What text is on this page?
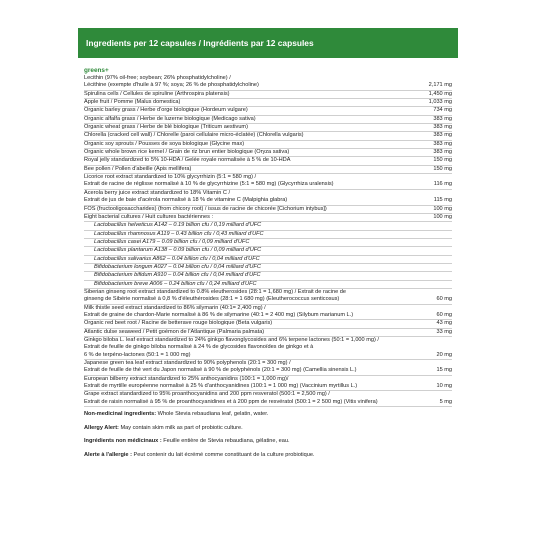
Ingredients per 12 capsules / Ingrédients par 12 capsules
greens+
Lecithin (97% oil-free; soybean; 26% phosphatidylcholine) /
Lécithine (exempte d'huile à 97 %; soya; 26 % de phosphatidylcholine)	2,171 mg
Spirulina cells / Cellules de spiruline (Arthrospira platensis)	1,450 mg
Apple fruit / Pomme (Malus domestica)	1,033 mg
Organic barley grass / Herbe d'orge biologique (Hordeum vulgare)	734 mg
Organic alfalfa grass / Herbe de luzerne biologique (Medicago sativa)	383 mg
Organic wheat grass / Herbe de blé biologique (Triticum aestivum)	383 mg
Chlorella (cracked cell wall) / Chlorelle (paroi cellulaire micro-éclatée) (Chlorella vulgaris)	383 mg
Organic soy sprouts / Pousses de soya biologique (Glycine max)	383 mg
Organic whole brown rice kernel / Grain de riz brun entier biologique (Oryza sativa)	383 mg
Royal jelly standardized to 5% 10-HDA / Gelée royale normalisée à 5 % de 10-HDA	150 mg
Bee pollen / Pollen d'abeille (Apis mellifera)	150 mg
Licorice root extract standardized to 10% glycyrrhizin (5:1 = 580 mg) /
Extrait de racine de réglisse normalisé à 10 % de glycyrrhizine (5:1 = 580 mg) (Glycyrrhiza uralensis)	116 mg
Acerola berry juice extract standardized to 18% Vitamin C /
Extrait de jus de baie d'acérola normalisé à 18 % de vitamine C (Malpighia glabra)	115 mg
FOS (fructooligosaccharides) (from chicory root) / issus de racine de chicorée [Cichorium intybus])	100 mg
Eight bacterial cultures / Huit cultures bactériennes :	100 mg
Lactobacillus helveticus A142 – 0.19 billion cfu / 0,19 milliard d'UFC
Lactobacillus rhamnosus A119 – 0.43 billion cfu / 0,43 milliard d'UFC
Lactobacillus casei A179 – 0.09 billion cfu / 0,09 milliard d'UFC
Lactobacillus plantarum A138 – 0.09 billion cfu / 0,09 milliard d'UFC
Lactobacillus salivarius A862 – 0.04 billion cfu / 0,04 milliard d'UFC
Bifidobacterium longum A027 – 0.04 billion cfu / 0,04 milliard d'UFC
Bifidobacterium bifidum A910 – 0.04 billion cfu / 0,04 milliard d'UFC
Bifidobacterium breve A006 – 0.24 billion cfu / 0,24 milliard d'UFC
Siberian ginseng root extract standardized to 0.8% eleutherosides (28:1 = 1,680 mg) / Extrait de racine de
ginseng de Sibérie normalisé à 0,8 % d'éleuthérosides (28:1 = 1 680 mg) (Eleutherococcus senticosus)	60 mg
Milk thistle seed extract standardized to 86% silymarin (40:1= 2,400 mg) /
Extrait de graine de chardon-Marie normalisé à 86 % de silymarine (40:1 = 2 400 mg) (Silybum marianum L.)	60 mg
Organic red beet root / Racine de betterave rouge biologique (Beta vulgaris)	43 mg
Atlantic dulse seaweed / Petit goémon de l'Atlantique (Palmaria palmata)	33 mg
Ginkgo biloba L. leaf extract standardized to 24% ginkgo flavonglycosides and 6% terpene lactones (50:1 = 1,000 mg) /
Extrait de feuille de ginkgo biloba normalisé à 24 % de glycosides flavonoïdes de ginkgo et à
6 % de terpéno-lactones (50:1 = 1 000 mg)	20 mg
Japanese green tea leaf extract standardized to 90% polyphenols (20:1 = 300 mg) /
Extrait de feuille de thé vert du Japon normalisé à 90 % de polyphénols (20:1 = 300 mg) (Camellia sinensis L.)	15 mg
European bilberry extract standardized to 25% anthocyanidins (100:1 = 1,000 mg)/
Extrait de myrtille européenne normalisé à 25 % d'anthocyanidines (100:1 = 1 000 mg) (Vaccinium myrtillus L.)	10 mg
Grape extract standardized to 95% proanthocyanidins and 200 ppm resveratol (500:1 = 2,500 mg) /
Extrait de raisin normalisé à 95 % de proanthocyanidines et à 200 ppm de resvératol (500:1 = 2 500 mg) (Vitis vinifera)	5 mg
Non-medicinal ingredients: Whole Stevia rebaudiana leaf, gelatin, water.
Allergy Alert: May contain skim milk as part of probiotic culture.
Ingrédients non médicinaux : Feuille entière de Stevia rebaudiana, gélatine, eau.
Alerte à l'allergie : Peut contenir du lait écrémé comme constituant de la culture probiotique.
